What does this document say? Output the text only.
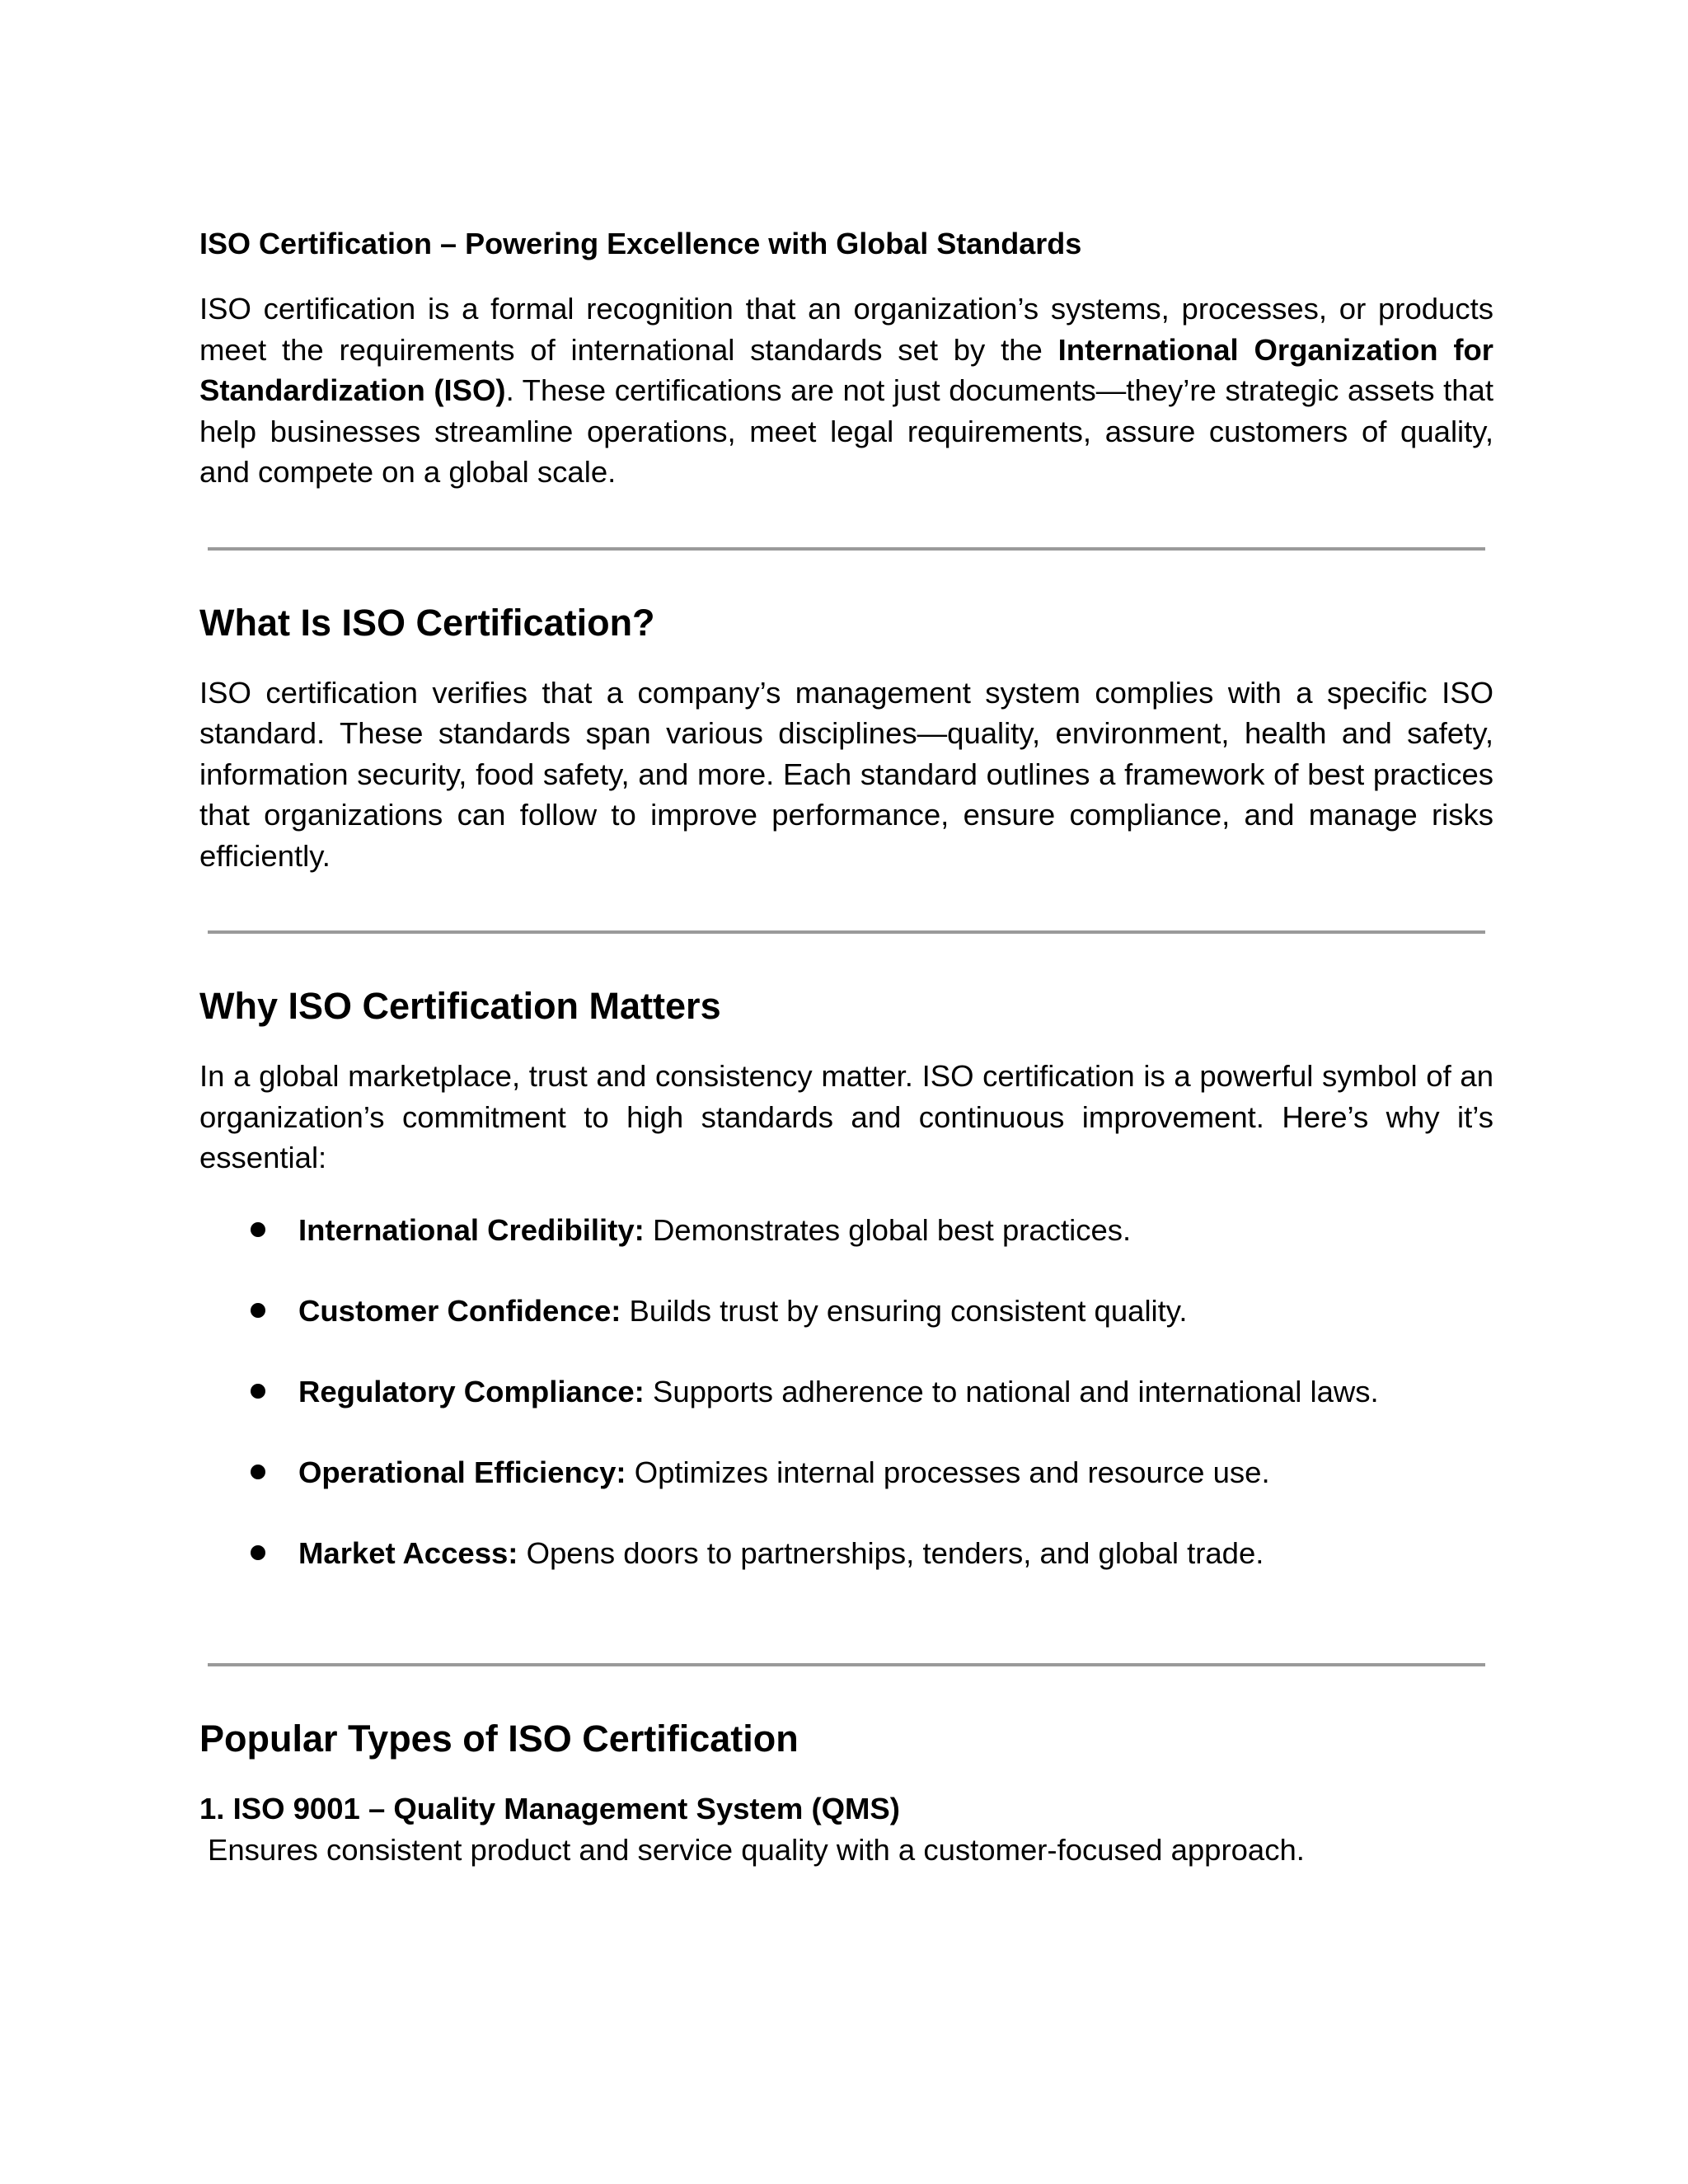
ISO Certification – Powering Excellence with Global Standards

ISO certification is a formal recognition that an organization’s systems, processes, or products meet the requirements of international standards set by the International Organization for Standardization (ISO). These certifications are not just documents—they’re strategic assets that help businesses streamline operations, meet legal requirements, assure customers of quality, and compete on a global scale.

What Is ISO Certification?

ISO certification verifies that a company’s management system complies with a specific ISO standard. These standards span various disciplines—quality, environment, health and safety, information security, food safety, and more. Each standard outlines a framework of best practices that organizations can follow to improve performance, ensure compliance, and manage risks efficiently.

Why ISO Certification Matters

In a global marketplace, trust and consistency matter. ISO certification is a powerful symbol of an organization’s commitment to high standards and continuous improvement. Here’s why it’s essential:

International Credibility: Demonstrates global best practices.
Customer Confidence: Builds trust by ensuring consistent quality.
Regulatory Compliance: Supports adherence to national and international laws.
Operational Efficiency: Optimizes internal processes and resource use.
Market Access: Opens doors to partnerships, tenders, and global trade.
Popular Types of ISO Certification
1. ISO 9001 – Quality Management System (QMS)
Ensures consistent product and service quality with a customer-focused approach.
